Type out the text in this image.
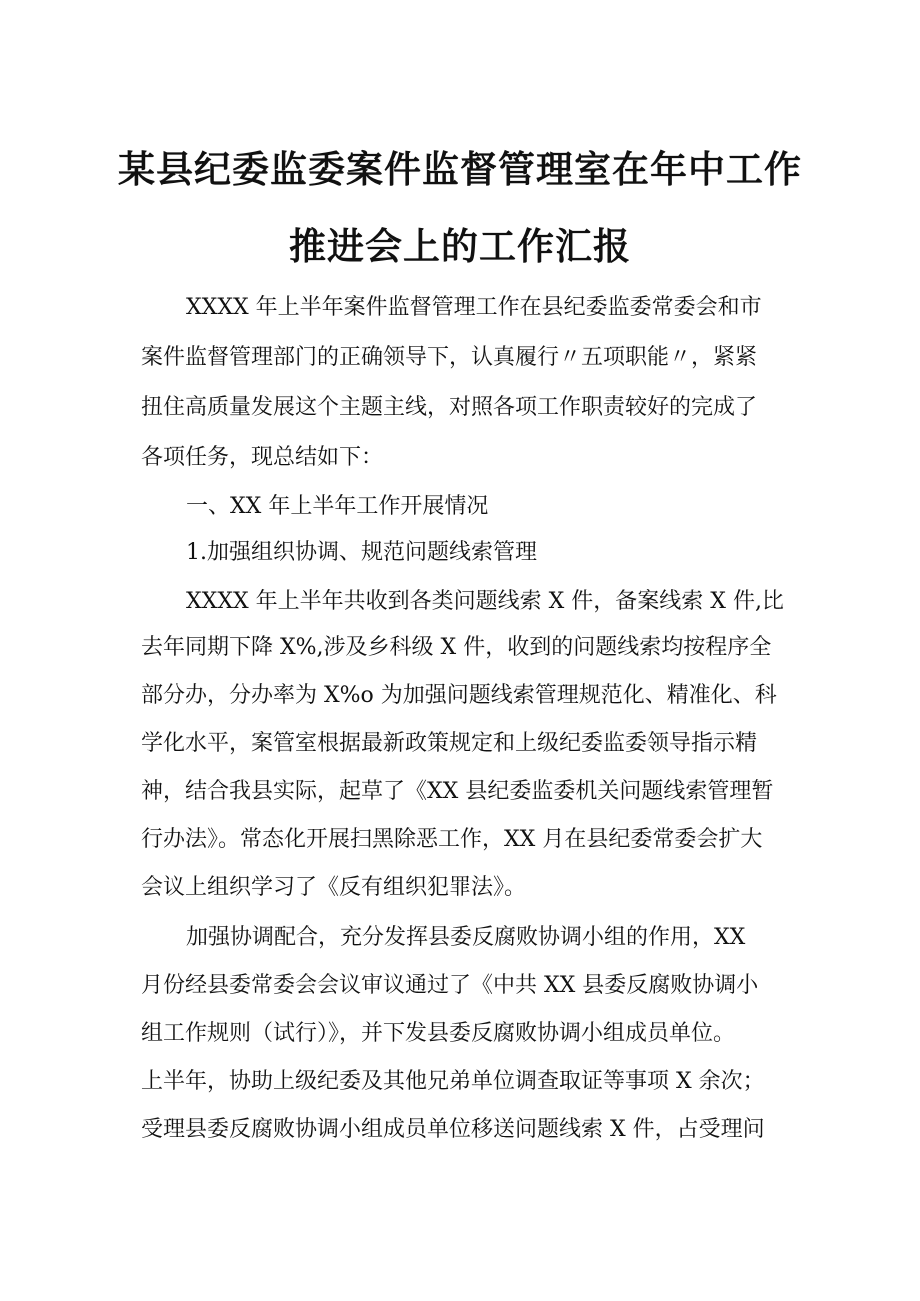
某县纪委监委案件监督管理室在年中工作
推进会上的工作汇报
XXXX 年上半年案件监督管理工作在县纪委监委常委会和市
案件监督管理部门的正确领导下，认真履行〃五项职能〃，紧紧
扭住高质量发展这个主题主线，对照各项工作职责较好的完成了
各项任务，现总结如下：
一、XX 年上半年工作开展情况
1.加强组织协调、规范问题线索管理
XXXX 年上半年共收到各类问题线索 X 件，备案线索 X 件,比
去年同期下降 X%,涉及乡科级 X 件，收到的问题线索均按程序全
部分办，分办率为 X%o 为加强问题线索管理规范化、精准化、科
学化水平，案管室根据最新政策规定和上级纪委监委领导指示精
神，结合我县实际，起草了《XX 县纪委监委机关问题线索管理暂
行办法》。常态化开展扫黑除恶工作，XX 月在县纪委常委会扩大
会议上组织学习了《反有组织犯罪法》。
加强协调配合，充分发挥县委反腐败协调小组的作用，XX
月份经县委常委会会议审议通过了《中共 XX 县委反腐败协调小
组工作规则（试行）》，并下发县委反腐败协调小组成员单位。
上半年，协助上级纪委及其他兄弟单位调查取证等事项 X 余次；
受理县委反腐败协调小组成员单位移送问题线索 X 件，占受理问
